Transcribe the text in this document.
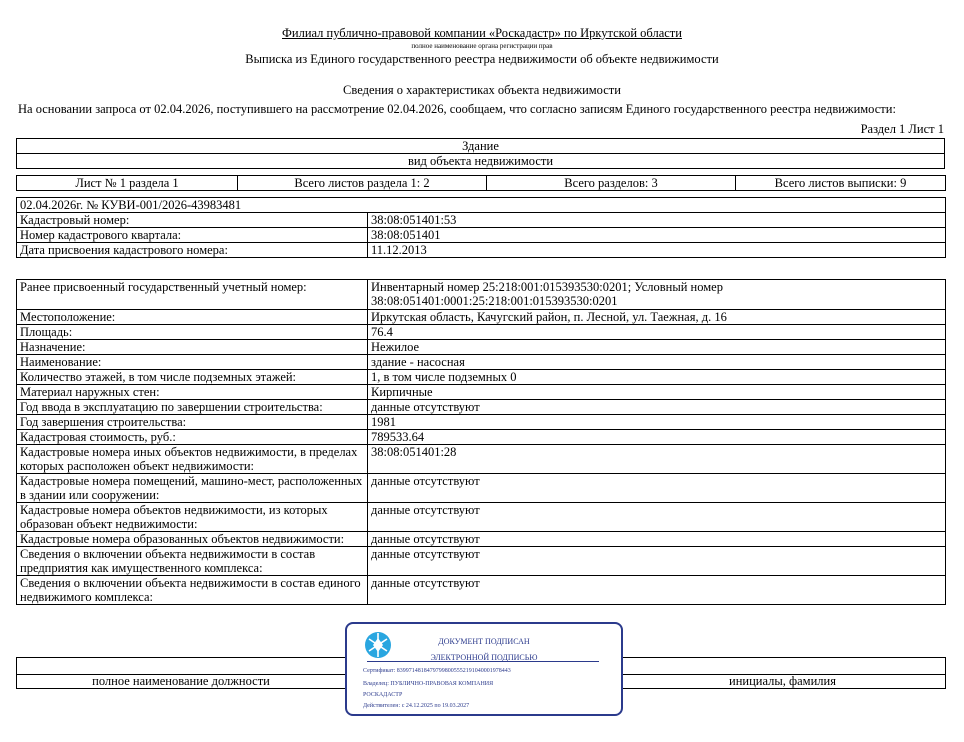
Филиал публично-правовой компании «Роскадастр» по Иркутской области
полное наименование органа регистрации прав
Выписка из Единого государственного реестра недвижимости об объекте недвижимости
Сведения о характеристиках объекта недвижимости
На основании запроса от 02.04.2026, поступившего на рассмотрение 02.04.2026, сообщаем, что согласно записям Единого государственного реестра недвижимости:
Раздел 1 Лист 1
Здание
вид объекта недвижимости
Лист № 1 раздела 1	Всего листов раздела 1: 2	Всего разделов: 3	Всего листов выписки: 9
02.04.2026г. № КУВИ-001/2026-43983481	
Кадастровый номер:	38:08:051401:53
Номер кадастрового квартала:	38:08:051401
Дата присвоения кадастрового номера:	11.12.2013
Ранее присвоенный государственный учетный номер:	Инвентарный номер 25:218:001:015393530:0201; Условный номер 38:08:051401:0001:25:218:001:015393530:0201
Местоположение:	Иркутская область, Качугский район, п. Лесной, ул. Таежная, д. 16
Площадь:	76.4
Назначение:	Нежилое
Наименование:	здание - насосная
Количество этажей, в том числе подземных этажей:	1, в том числе подземных 0
Материал наружных стен:	Кирпичные
Год ввода в эксплуатацию по завершении строительства:	данные отсутствуют
Год завершения строительства:	1981
Кадастровая стоимость, руб.:	789533.64
Кадастровые номера иных объектов недвижимости, в пределах которых расположен объект недвижимости:	38:08:051401:28
Кадастровые номера помещений, машино-мест, расположенных в здании или сооружении:	данные отсутствуют
Кадастровые номера объектов недвижимости, из которых образован объект недвижимости:	данные отсутствуют
Кадастровые номера образованных объектов недвижимости:	данные отсутствуют
Сведения о включении объекта недвижимости в состав предприятия как имущественного комплекса:	данные отсутствуют
Сведения о включении объекта недвижимости в состав единого недвижимого комплекса:	данные отсутствуют
полное наименование должности	инициалы, фамилия
ДОКУМЕНТ ПОДПИСАН
ЭЛЕКТРОННОЙ ПОДПИСЬЮ
Сертификат: 839971481847979980055521910400019784​43
Владелец: ПУБЛИЧНО-ПРАВОВАЯ КОМПАНИЯ
РОСКАДАСТР
Действителен: с 24.12.2025 по 19.03.2027
